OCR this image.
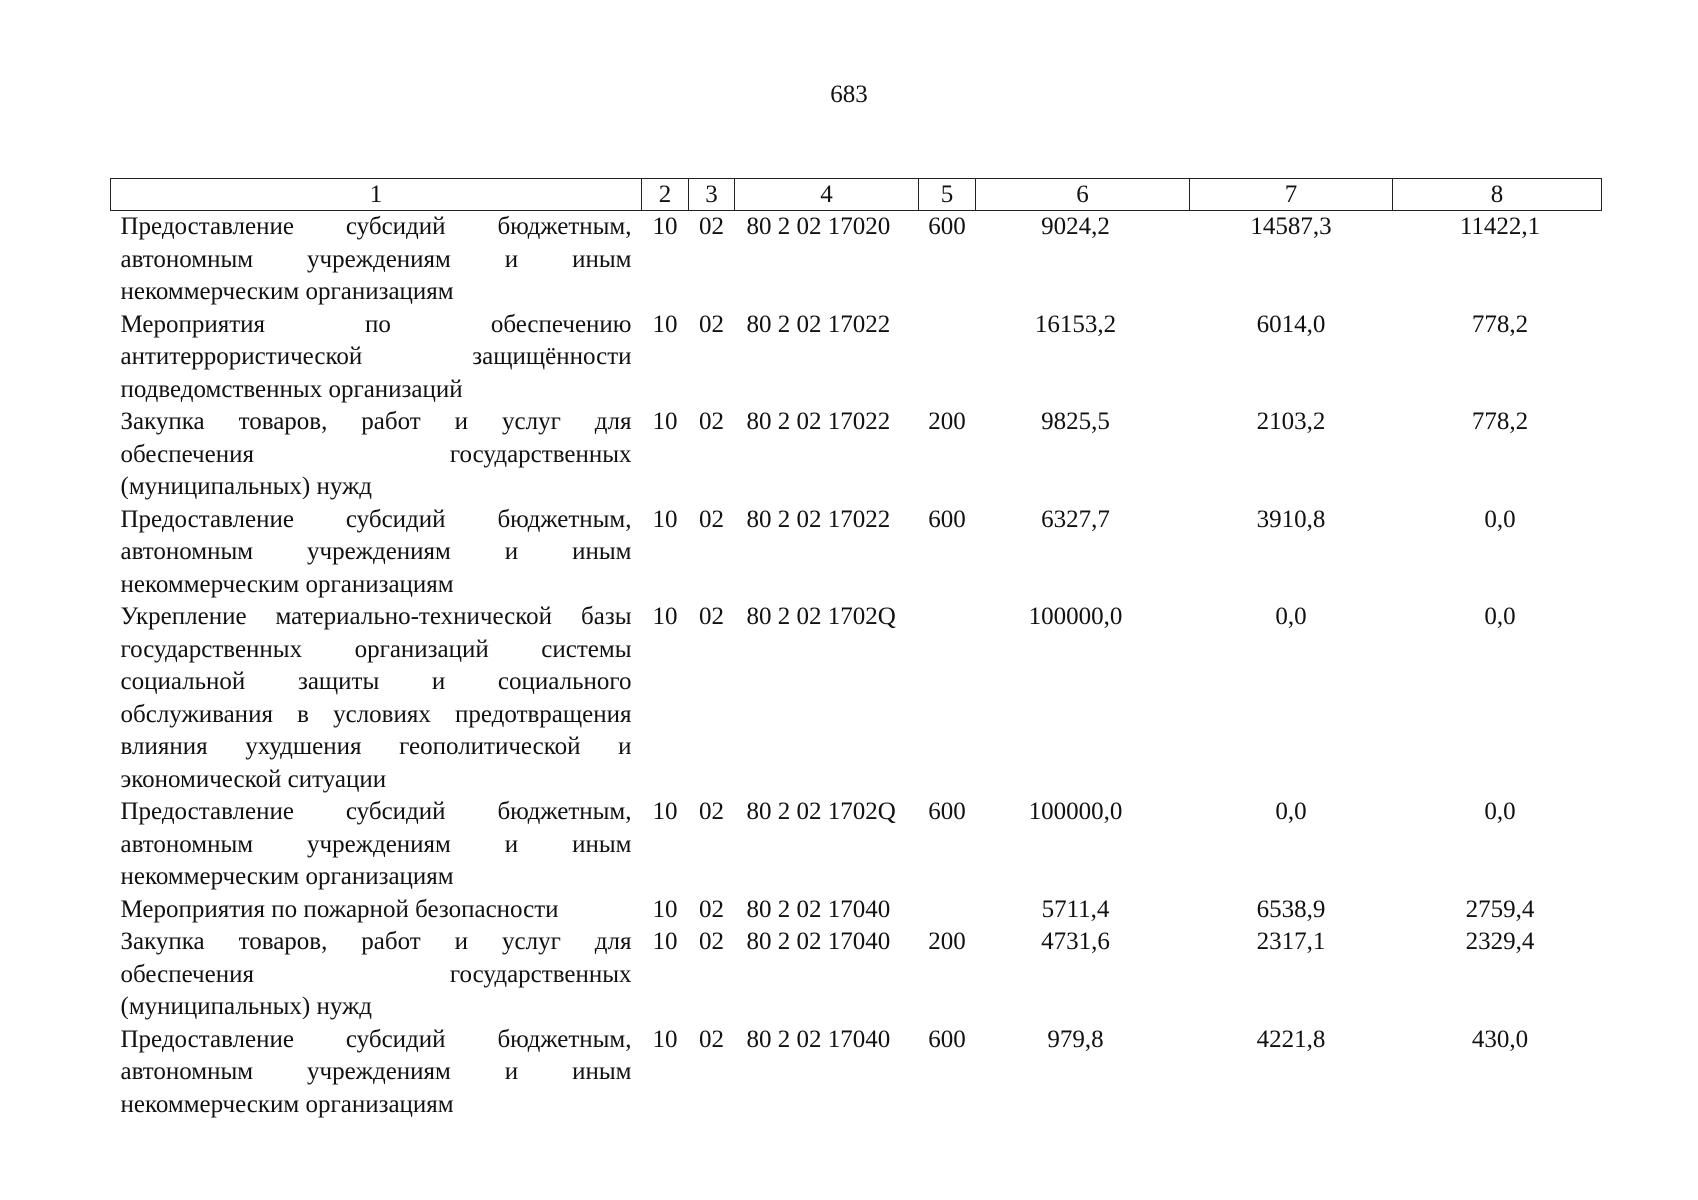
683
1	2	3	4	5	6	7	8
Предоставление субсидий бюджетным, автономным учреждениям и иным некоммерческим организациям	10	02	80 2 02 17020	600	9024,2	14587,3	11422,1
Мероприятия по обеспечению антитеррористической защищённости подведомственных организаций	10	02	80 2 02 17022		16153,2	6014,0	778,2
Закупка товаров, работ и услуг для обеспечения государственных (муниципальных) нужд	10	02	80 2 02 17022	200	9825,5	2103,2	778,2
Предоставление субсидий бюджетным, автономным учреждениям и иным некоммерческим организациям	10	02	80 2 02 17022	600	6327,7	3910,8	0,0
Укрепление материально-технической базы государственных организаций системы социальной защиты и социального обслуживания в условиях предотвращения влияния ухудшения геополитической и экономической ситуации	10	02	80 2 02 1702Q		100000,0	0,0	0,0
Предоставление субсидий бюджетным, автономным учреждениям и иным некоммерческим организациям	10	02	80 2 02 1702Q	600	100000,0	0,0	0,0
Мероприятия по пожарной безопасности	10	02	80 2 02 17040		5711,4	6538,9	2759,4
Закупка товаров, работ и услуг для обеспечения государственных (муниципальных) нужд	10	02	80 2 02 17040	200	4731,6	2317,1	2329,4
Предоставление субсидий бюджетным, автономным учреждениям и иным некоммерческим организациям	10	02	80 2 02 17040	600	979,8	4221,8	430,0
